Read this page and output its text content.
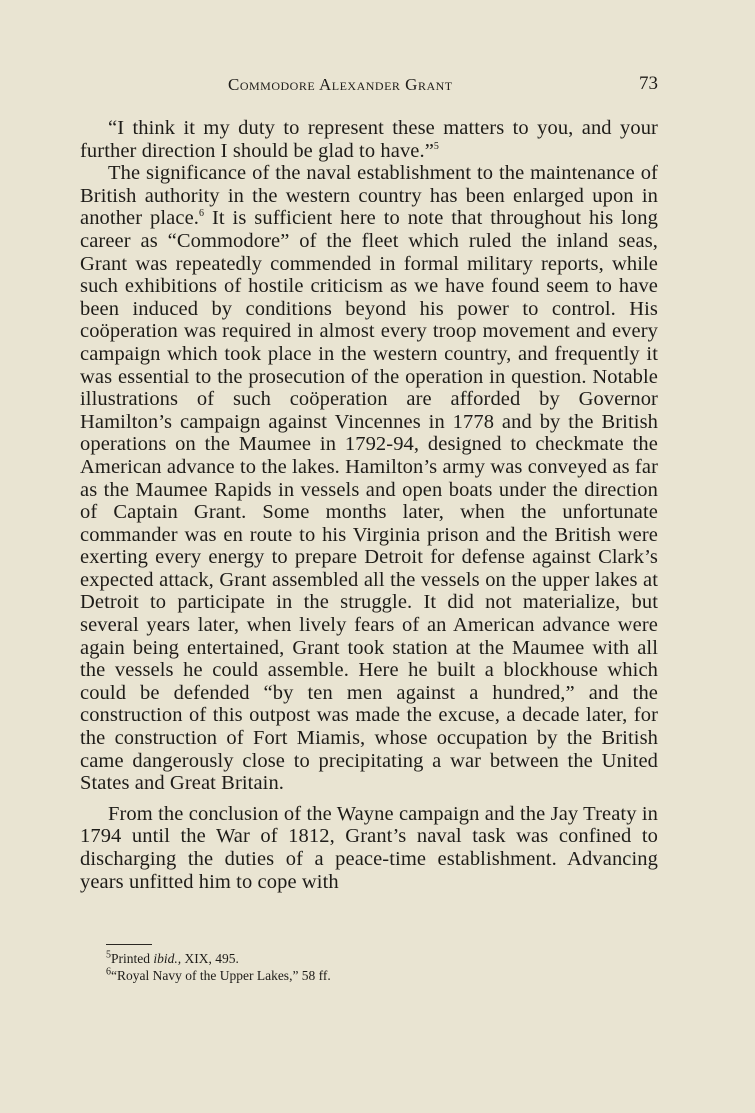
Commodore Alexander Grant	73

“I think it my duty to represent these matters to you, and your further direction I should be glad to have.”$^5$

The significance of the naval establishment to the maintenance of British authority in the western country has been enlarged upon in another place.$^6$ It is sufficient here to note that throughout his long career as “Commodore” of the fleet which ruled the inland seas, Grant was repeatedly commended in formal military reports, while such exhibitions of hostile criticism as we have found seem to have been induced by conditions beyond his power to control. His coöperation was required in almost every troop movement and every campaign which took place in the western country, and frequently it was essential to the prosecution of the operation in question. Notable illustrations of such coöperation are afforded by Governor Hamilton’s campaign against Vincennes in 1778 and by the British operations on the Maumee in 1792-94, designed to checkmate the American advance to the lakes. Hamilton’s army was conveyed as far as the Maumee Rapids in vessels and open boats under the direction of Captain Grant. Some months later, when the unfortunate commander was en route to his Virginia prison and the British were exerting every energy to prepare Detroit for defense against Clark’s expected attack, Grant assembled all the vessels on the upper lakes at Detroit to participate in the struggle. It did not materialize, but several years later, when lively fears of an American advance were again being entertained, Grant took station at the Maumee with all the vessels he could assemble. Here he built a blockhouse which could be defended “by ten men against a hundred,” and the construction of this outpost was made the excuse, a decade later, for the construction of Fort Miamis, whose occupation by the British came dangerously close to precipitating a war between the United States and Great Britain.

From the conclusion of the Wayne campaign and the Jay Treaty in 1794 until the War of 1812, Grant’s naval task was confined to discharging the duties of a peace-time establishment. Advancing years unfitted him to cope with

$^5$Printed ibid., XIX, 495.

$^6$“Royal Navy of the Upper Lakes,” 58 ff.
